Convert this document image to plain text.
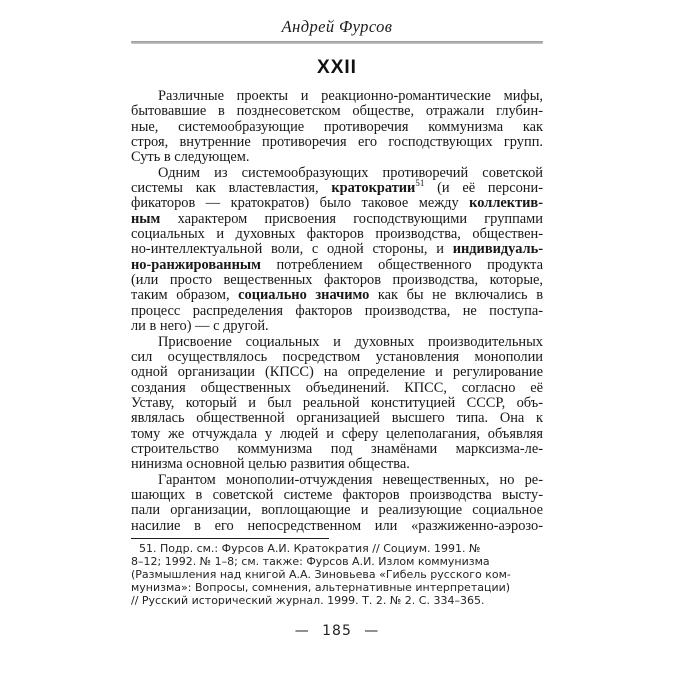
Андрей Фурсов
XXII
Различные проекты и реакционно-романтические мифы,
бытовавшие в позднесоветском обществе, отражали глубин-
ные, системообразующие противоречия коммунизма как
строя, внутренние противоречия его господствующих групп.
Суть в следующем.
Одним из системообразующих противоречий советской
системы как властевластия, кратократии$^{51}$ (и её персони-
фикаторов — кратократов) было таковое между коллектив-
ным характером присвоения господствующими группами
социальных и духовных факторов производства, обществен-
но-интеллектуальной воли, с одной стороны, и индивидуаль-
но-ранжированным потреблением общественного продукта
(или просто вещественных факторов производства, которые,
таким образом, социально значимо как бы не включались в
процесс распределения факторов производства, не поступа-
ли в него) — с другой.
Присвоение социальных и духовных производительных
сил осуществлялось посредством установления монополии
одной организации (КПСС) на определение и регулирование
создания общественных объединений. КПСС, согласно её
Уставу, который и был реальной конституцией СССР, объ-
являлась общественной организацией высшего типа. Она к
тому же отчуждала у людей и сферу целеполагания, объявляя
строительство коммунизма под знамёнами марксизма-ле-
нинизма основной целью развития общества.
Гарантом монополии-отчуждения невещественных, но ре-
шающих в советской системе факторов производства высту-
пали организации, воплощающие и реализующие социальное
насилие в его непосредственном или «разжиженно-аэрозо-
51. Подр. см.: Фурсов А.И. Кратократия // Социум. 1991. №
8–12; 1992. № 1–8; см. также: Фурсов А.И. Излом коммунизма
(Размышления над книгой А.А. Зиновьева «Гибель русского ком-
мунизма»: Вопросы, сомнения, альтернативные интерпретации)
// Русский исторический журнал. 1999. Т. 2. № 2. С. 334–365.
— 185 —
